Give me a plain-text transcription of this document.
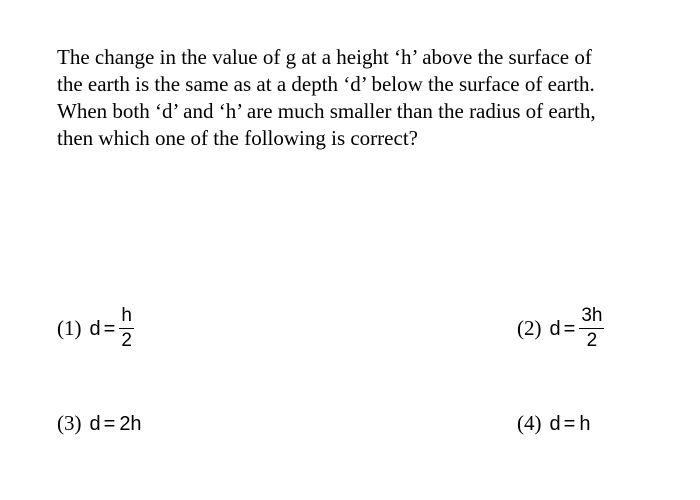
The change in the value of g at a height ‘h’ above the surface of
the earth is the same as at a depth ‘d’ below the surface of earth.
When both ‘d’ and ‘h’ are much smaller than the radius of earth,
then which one of the following is correct?
(1) $d = \frac{h}{2}$	(2) $d = \frac{3h}{2}$
(3) d = 2h	(4) d = h
